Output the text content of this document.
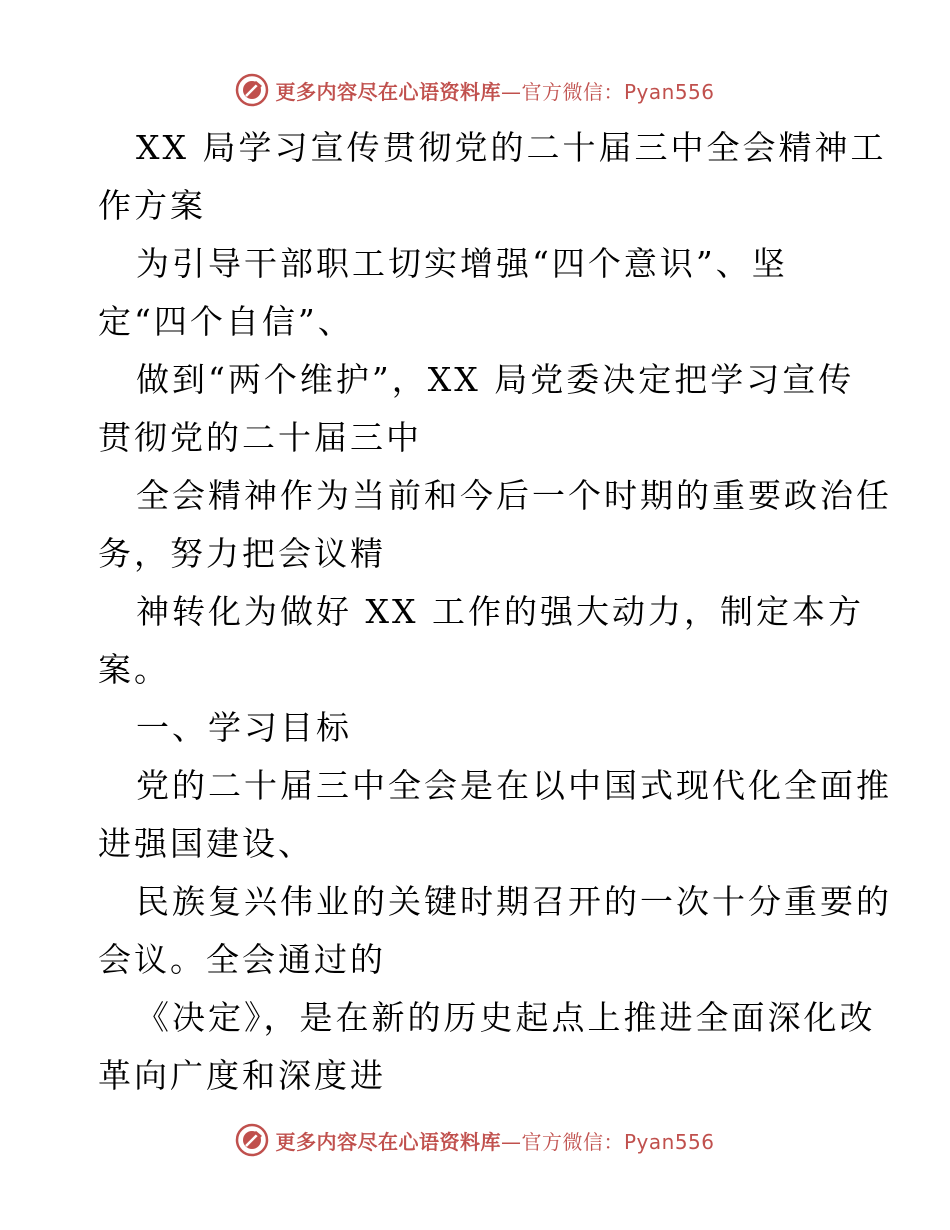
更多内容尽在心语资料库—官方微信：Pyan556
XX 局学习宣传贯彻党的二十届三中全会精神工
作方案
为引导干部职工切实增强“四个意识”、坚
定“四个自信”、
做到“两个维护”，XX 局党委决定把学习宣传
贯彻党的二十届三中
全会精神作为当前和今后一个时期的重要政治任
务，努力把会议精
神转化为做好 XX 工作的强大动力，制定本方
案。
一、学习目标
党的二十届三中全会是在以中国式现代化全面推
进强国建设、
民族复兴伟业的关键时期召开的一次十分重要的
会议。全会通过的
《决定》，是在新的历史起点上推进全面深化改
革向广度和深度进
更多内容尽在心语资料库—官方微信：Pyan556
